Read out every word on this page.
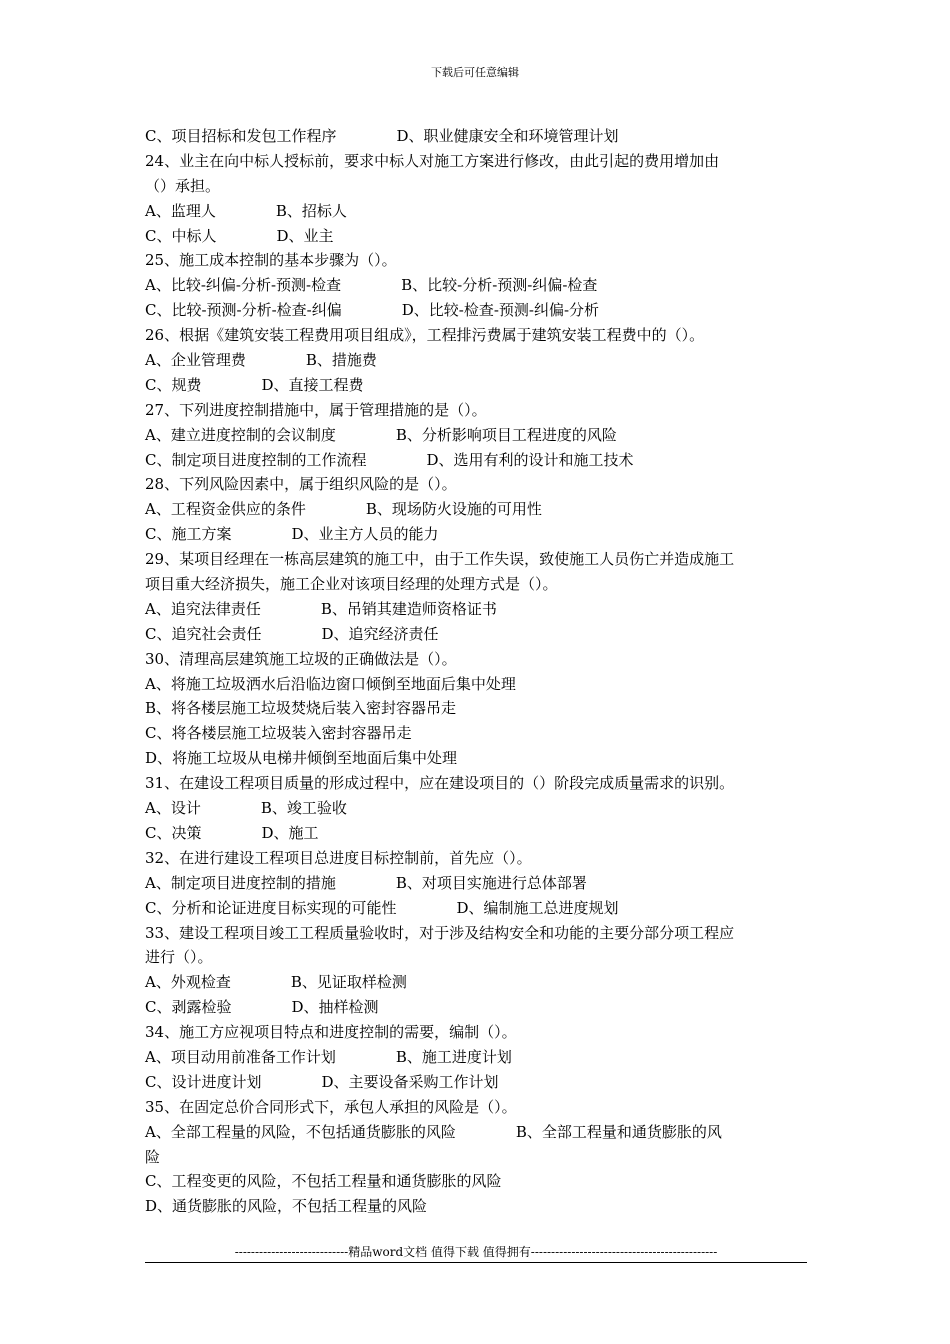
下载后可任意编辑
C、项目招标和发包工作程序　　　　D、职业健康安全和环境管理计划
24、业主在向中标人授标前，要求中标人对施工方案进行修改，由此引起的费用增加由
（）承担。
A、监理人　　　　B、招标人
C、中标人　　　　D、业主
25、施工成本控制的基本步骤为（）。
A、比较-纠偏-分析-预测-检查　　　　B、比较-分析-预测-纠偏-检查
C、比较-预测-分析-检查-纠偏　　　　D、比较-检查-预测-纠偏-分析
26、根据《建筑安装工程费用项目组成》，工程排污费属于建筑安装工程费中的（）。
A、企业管理费　　　　B、措施费
C、规费　　　　D、直接工程费
27、下列进度控制措施中，属于管理措施的是（）。
A、建立进度控制的会议制度　　　　B、分析影响项目工程进度的风险
C、制定项目进度控制的工作流程　　　　D、选用有利的设计和施工技术
28、下列风险因素中，属于组织风险的是（）。
A、工程资金供应的条件　　　　B、现场防火设施的可用性
C、施工方案　　　　D、业主方人员的能力
29、某项目经理在一栋高层建筑的施工中，由于工作失误，致使施工人员伤亡并造成施工
项目重大经济损失，施工企业对该项目经理的处理方式是（）。
A、追究法律责任　　　　B、吊销其建造师资格证书
C、追究社会责任　　　　D、追究经济责任
30、清理高层建筑施工垃圾的正确做法是（）。
A、将施工垃圾洒水后沿临边窗口倾倒至地面后集中处理
B、将各楼层施工垃圾焚烧后装入密封容器吊走
C、将各楼层施工垃圾装入密封容器吊走
D、将施工垃圾从电梯井倾倒至地面后集中处理
31、在建设工程项目质量的形成过程中，应在建设项目的（）阶段完成质量需求的识别。
A、设计　　　　B、竣工验收
C、决策　　　　D、施工
32、在进行建设工程项目总进度目标控制前，首先应（）。
A、制定项目进度控制的措施　　　　B、对项目实施进行总体部署
C、分析和论证进度目标实现的可能性　　　　D、编制施工总进度规划
33、建设工程项目竣工工程质量验收时，对于涉及结构安全和功能的主要分部分项工程应
进行（）。
A、外观检查　　　　B、见证取样检测
C、剥露检验　　　　D、抽样检测
34、施工方应视项目特点和进度控制的需要，编制（）。
A、项目动用前准备工作计划　　　　B、施工进度计划
C、设计进度计划　　　　D、主要设备采购工作计划
35、在固定总价合同形式下，承包人承担的风险是（）。
A、全部工程量的风险，不包括通货膨胀的风险　　　　B、全部工程量和通货膨胀的风
险
C、工程变更的风险，不包括工程量和通货膨胀的风险
D、通货膨胀的风险，不包括工程量的风险
----------------------------精品word文档 值得下载 值得拥有----------------------------------------------
